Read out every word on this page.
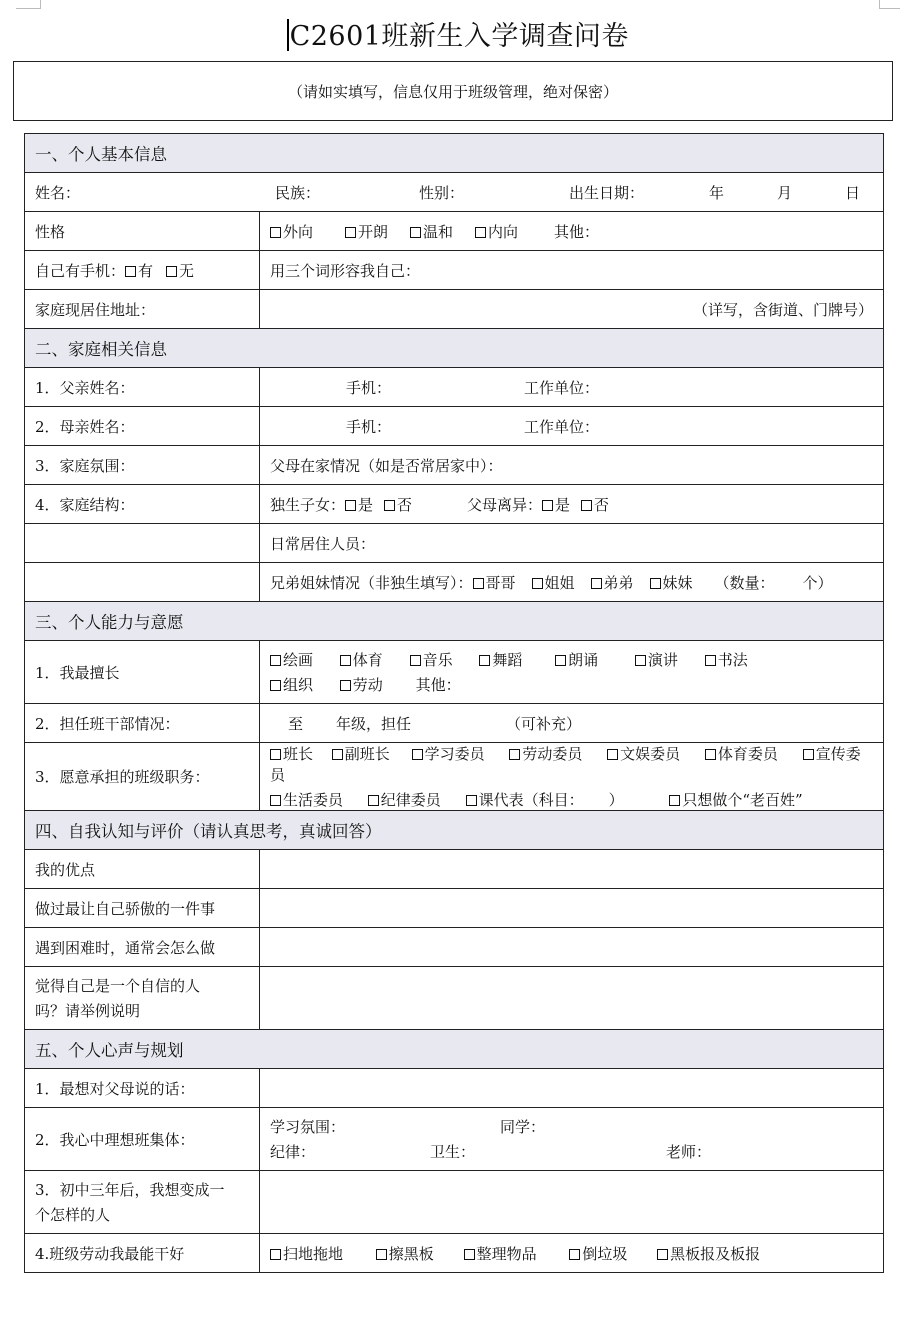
C2601班新生入学调查问卷
（请如实填写，信息仅用于班级管理，绝对保密）
一、个人基本信息	
姓名： 民族： 性别： 出生日期： 年 月 日	
性格	外向 开朗 温和 内向 其他：
自己有手机： 有 无	用三个词形容我自己：
家庭现居住地址：	（详写，含街道、门牌号）
二、家庭相关信息	
1．父亲姓名：	手机： 工作单位：
2．母亲姓名：	手机： 工作单位：
3．家庭氛围：	父母在家情况（如是否常居家中）：
4．家庭结构：	独生子女： 是 否 父母离异： 是 否
	日常居住人员：
	兄弟姐妹情况（非独生填写）： 哥哥 姐姐 弟弟 妹妹 （数量： 个）
三、个人能力与意愿	
1．我最擅长	绘画 体育 音乐 舞蹈 朗诵 演讲 书法
组织 劳动 其他：

2．担任班干部情况：	至 年级，担任 （可补充）
3．愿意承担的班级职务：	班长 副班长 学习委员 劳动委员 文娱委员 体育委员 宣传委员
生活委员 纪律委员 课代表（科目： ） 只想做个“老百姓”

四、自我认知与评价（请认真思考，真诚回答）	
我的优点	
做过最让自己骄傲的一件事	
遇到困难时，通常会怎么做	

觉得自己是一个自信的人
吗？请举例说明	

五、个人心声与规划	
1．最想对父母说的话：	
2．我心中理想班集体：	学习氛围： 同学：
纪律： 卫生： 老师：

3．初中三年后，我想变成一
个怎样的人	

4.班级劳动我最能干好	扫地拖地 擦黑板 整理物品 倒垃圾 黑板报及板报
